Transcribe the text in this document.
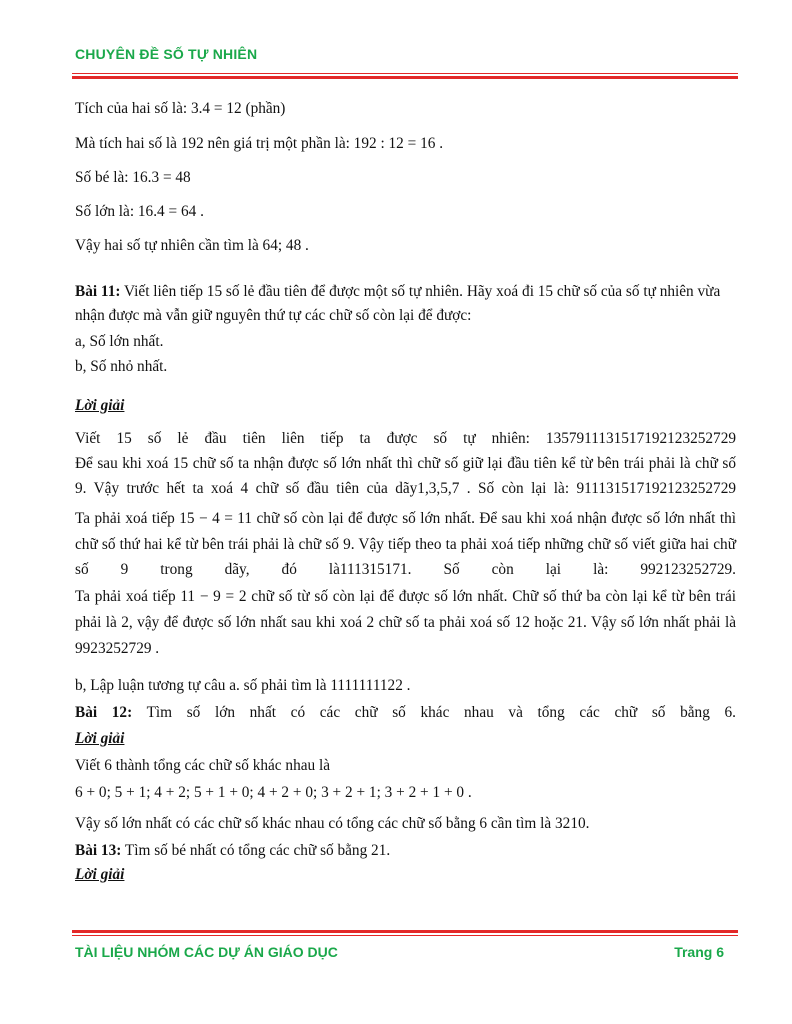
CHUYÊN ĐỀ SỐ TỰ NHIÊN
Tích của hai số là: 3.4 = 12 (phần)
Mà tích hai số là 192 nên giá trị một phần là: 192 : 12 = 16 .
Số bé là: 16.3 = 48
Số lớn là: 16.4 = 64 .
Vậy hai số tự nhiên cần tìm là 64; 48 .
Bài 11: Viết liên tiếp 15 số lẻ đầu tiên để được một số tự nhiên. Hãy xoá đi 15 chữ số của số tự nhiên vừa
nhận được mà vẫn giữ nguyên thứ tự các chữ số còn lại để được:
a, Số lớn nhất.
b, Số nhỏ nhất.
Lời giải
Viết 15 số lẻ đầu tiên liên tiếp ta được số tự nhiên: 135791113151719212325272​9
Để sau khi xoá 15 chữ số ta nhận được số lớn nhất thì chữ số giữ lại đầu tiên kể từ bên trái phải là chữ số
9. Vậy trước hết ta xoá 4 chữ số đầu tiên của dãy1,3,5,7 . Số còn lại là: 91113151719212325272​9
Ta phải xoá tiếp 15 − 4 = 11 chữ số còn lại để được số lớn nhất. Để sau khi xoá nhận được số lớn nhất thì
chữ số thứ hai kể từ bên trái phải là chữ số 9. Vậy tiếp theo ta phải xoá tiếp những chữ số viết giữa hai chữ
số 9 trong dãy, đó là111315171. Số còn lại là: 992123252729.
Ta phải xoá tiếp 11 − 9 = 2 chữ số từ số còn lại để được số lớn nhất. Chữ số thứ ba còn lại kể từ bên trái
phải là 2, vậy để được số lớn nhất sau khi xoá 2 chữ số ta phải xoá số 12 hoặc 21. Vậy số lớn nhất phải là
9923252729 .
b, Lập luận tương tự câu a. số phải tìm là 1111111122 .
Bài 12: Tìm số lớn nhất có các chữ số khác nhau và tổng các chữ số bằng 6.
Lời giải
Viết 6 thành tổng các chữ số khác nhau là
6 + 0; 5 + 1; 4 + 2; 5 + 1 + 0; 4 + 2 + 0; 3 + 2 + 1; 3 + 2 + 1 + 0 .
Vậy số lớn nhất có các chữ số khác nhau có tổng các chữ số bằng 6 cần tìm là 3210.
Bài 13: Tìm số bé nhất có tổng các chữ số bằng 21.
Lời giải
TÀI LIỆU NHÓM CÁC DỰ ÁN GIÁO DỤC	Trang 6
